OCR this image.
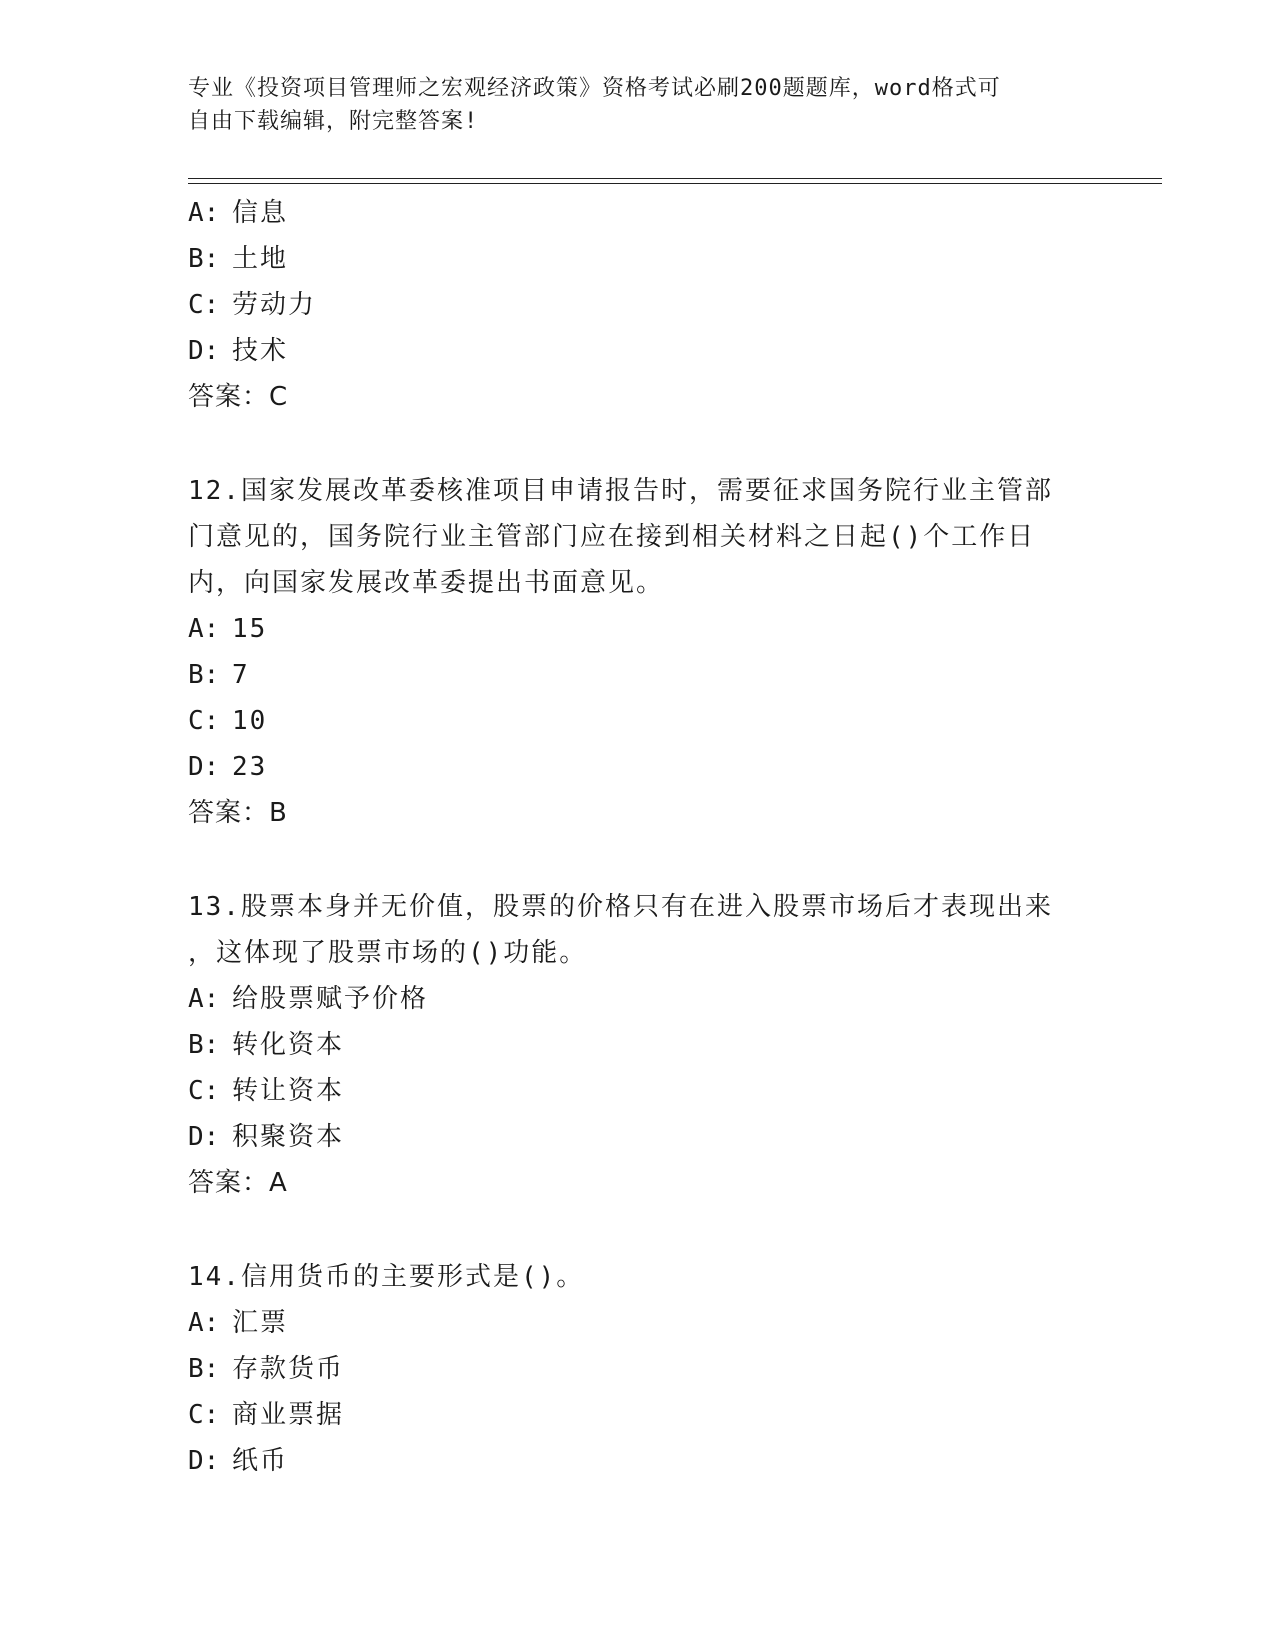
专业《投资项目管理师之宏观经济政策》资格考试必刷200题题库，word格式可
自由下载编辑，附完整答案!
A: 信息
B: 土地
C: 劳动力
D: 技术
答案：C
12.国家发展改革委核准项目申请报告时，需要征求国务院行业主管部
门意见的，国务院行业主管部门应在接到相关材料之日起()个工作日
内，向国家发展改革委提出书面意见。
A: 15
B: 7
C: 10
D: 23
答案：B
13.股票本身并无价值，股票的价格只有在进入股票市场后才表现出来
，这体现了股票市场的()功能。
A: 给股票赋予价格
B: 转化资本
C: 转让资本
D: 积聚资本
答案：A
14.信用货币的主要形式是()。
A: 汇票
B: 存款货币
C: 商业票据
D: 纸币
